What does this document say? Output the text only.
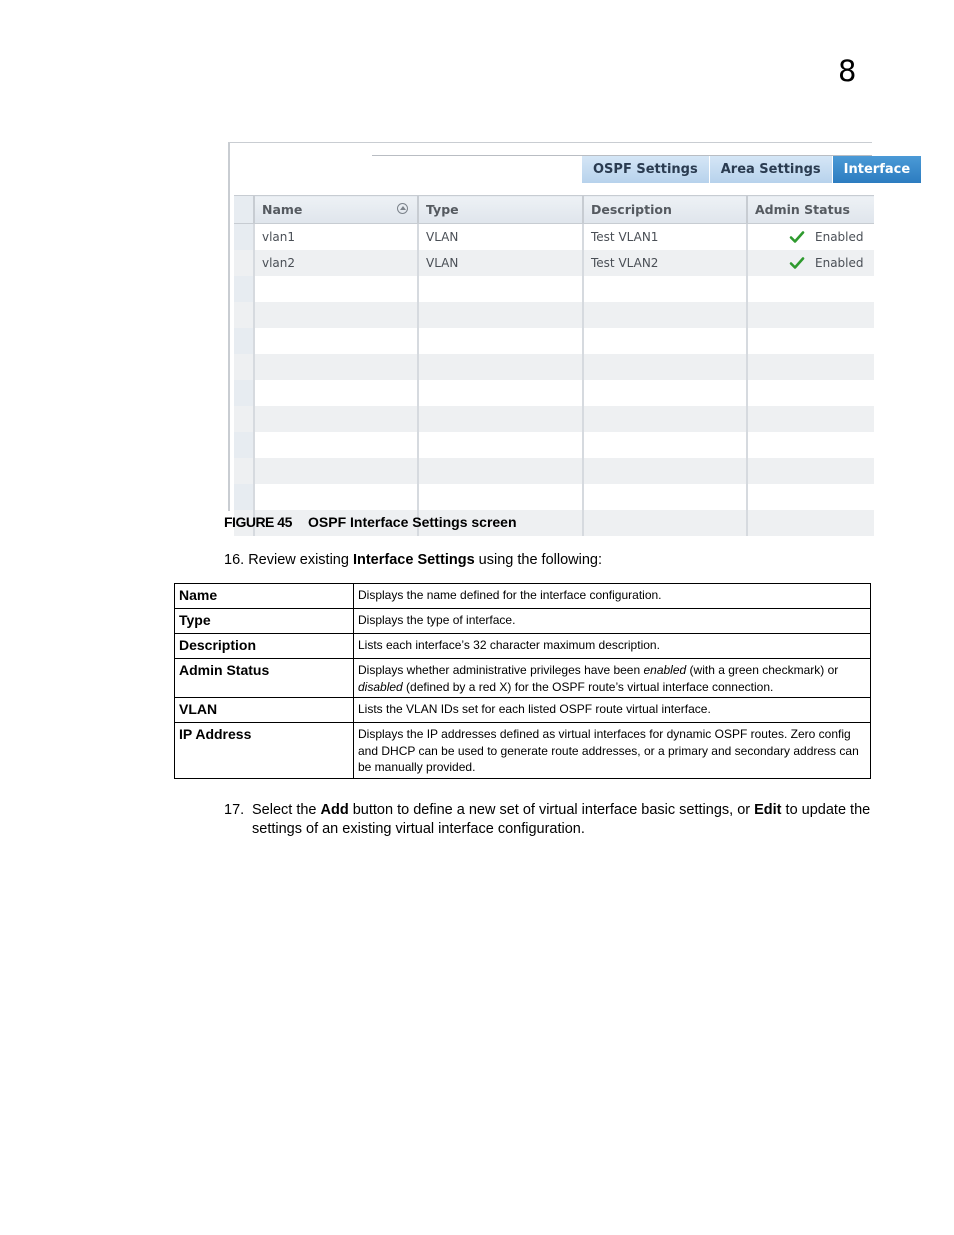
8
OSPF Settings	Area Settings	Interface
	Name	Type	Description	Admin Status
	vlan1	VLAN	Test VLAN1	Enabled
	vlan2	VLAN	Test VLAN2	Enabled

FIGURE 45 OSPF Interface Settings screen
16. Review existing Interface Settings using the following:
Name	Displays the name defined for the interface configuration.
Type	Displays the type of interface.
Description	Lists each interface’s 32 character maximum description.
Admin Status	Displays whether administrative privileges have been enabled (with a green checkmark) or disabled (defined by a red X) for the OSPF route’s virtual interface connection.
VLAN	Lists the VLAN IDs set for each listed OSPF route virtual interface.
IP Address	Displays the IP addresses defined as virtual interfaces for dynamic OSPF routes. Zero config and DHCP can be used to generate route addresses, or a primary and secondary address can be manually provided.
17. Select the Add button to define a new set of virtual interface basic settings, or Edit to update the settings of an existing virtual interface configuration.
